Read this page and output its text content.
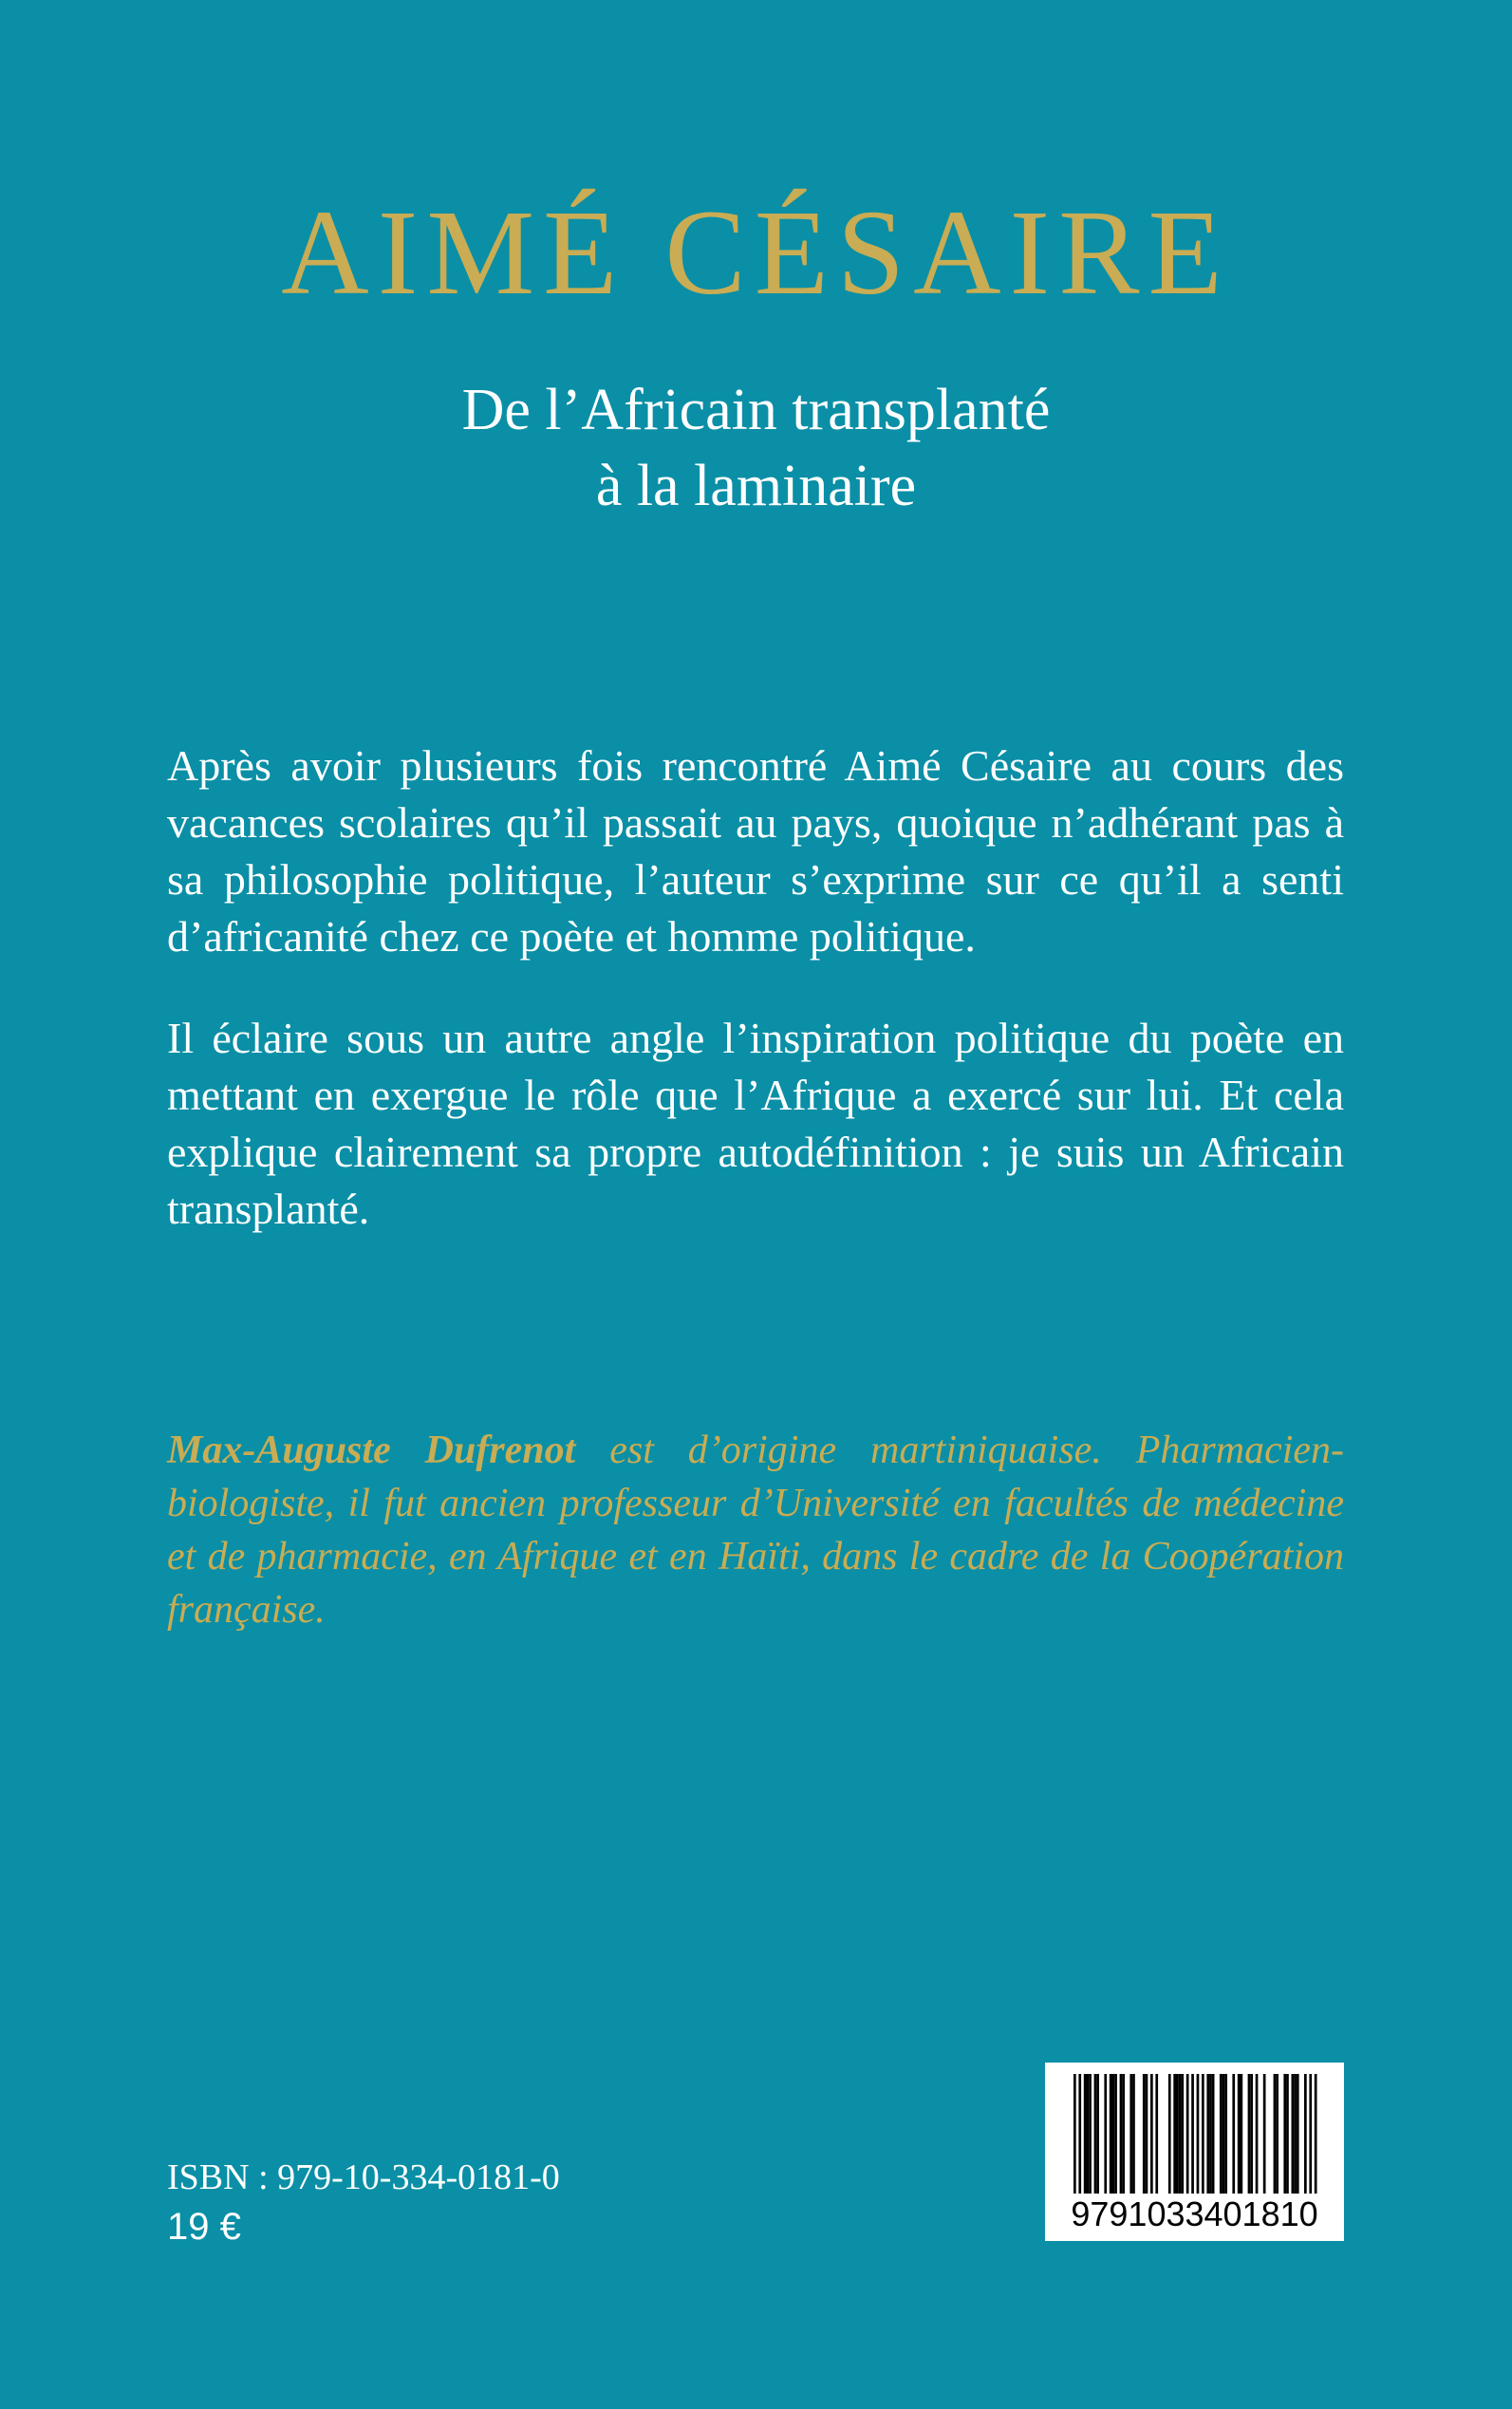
AIMÉ CÉSAIRE
De l’Africain transplanté
à la laminaire

Après avoir plusieurs fois rencontré Aimé Césaire au cours des vacances scolaires qu’il passait au pays, quoique n’adhérant pas à sa philosophie politique, l’auteur s’exprime sur ce qu’il a senti d’africanité chez ce poète et homme politique.

Il éclaire sous un autre angle l’inspiration politique du poète en mettant en exergue le rôle que l’Afrique a exercé sur lui. Et cela explique clairement sa propre autodéfinition : je suis un Africain transplanté.

Max-Auguste Dufrenot est d’origine martiniquaise. Pharmacien-biologiste, il fut ancien professeur d’Université en facultés de médecine et de pharmacie, en Afrique et en Haïti, dans le cadre de la Coopération française.

ISBN : 979-10-334-0181-0

19 €	9791033401810
